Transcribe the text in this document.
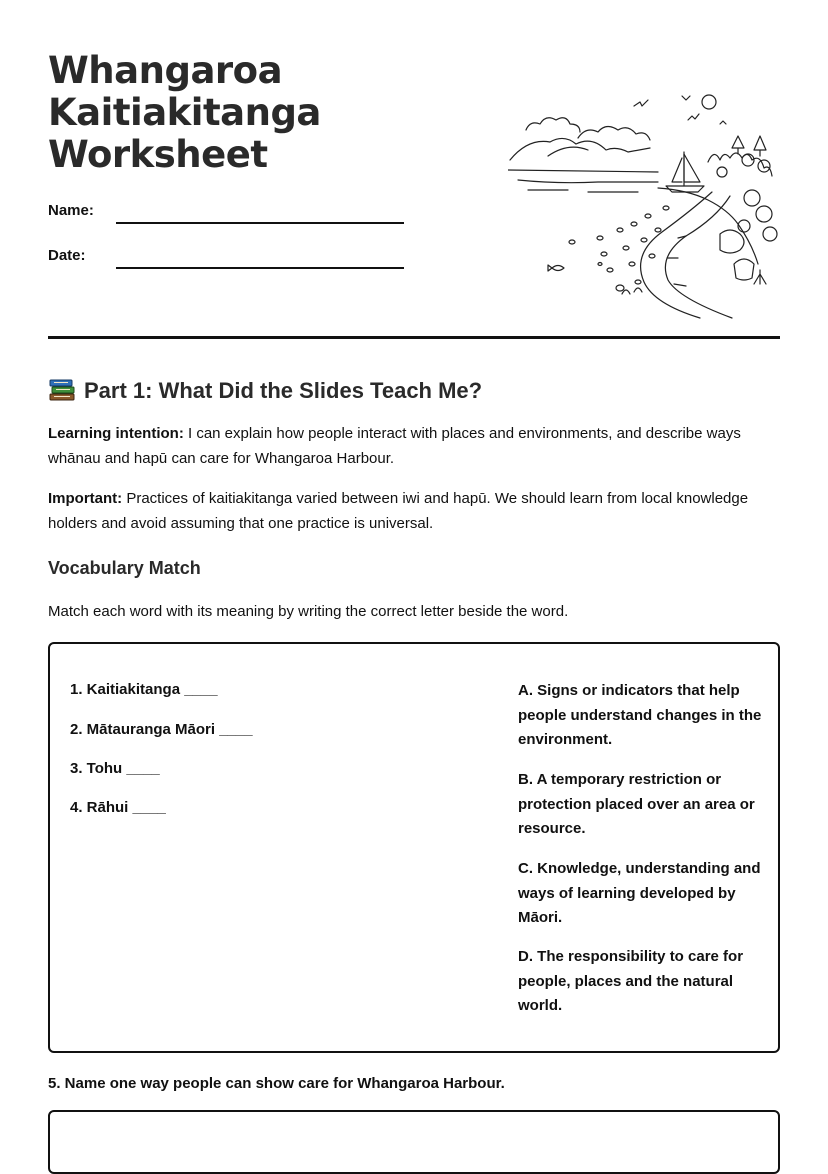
Whangaroa
Kaitiakitanga
Worksheet
Name:
Date:
Part 1: What Did the Slides Teach Me?

Learning intention: I can explain how people interact with places and environments, and describe ways whānau and hapū can care for Whangaroa Harbour.

Important: Practices of kaitiakitanga varied between iwi and hapū. We should learn from local knowledge holders and avoid assuming that one practice is universal.

Vocabulary Match

Match each word with its meaning by writing the correct letter beside the word.

1. Kaitiakitanga ____
2. Mātauranga Māori ____
3. Tohu ____
4. Rāhui ____

A. Signs or indicators that help people understand changes in the environment.

B. A temporary restriction or protection placed over an area or resource.

C. Knowledge, understanding and ways of learning developed by Māori.

D. The responsibility to care for people, places and the natural world.

5. Name one way people can show care for Whangaroa Harbour.
